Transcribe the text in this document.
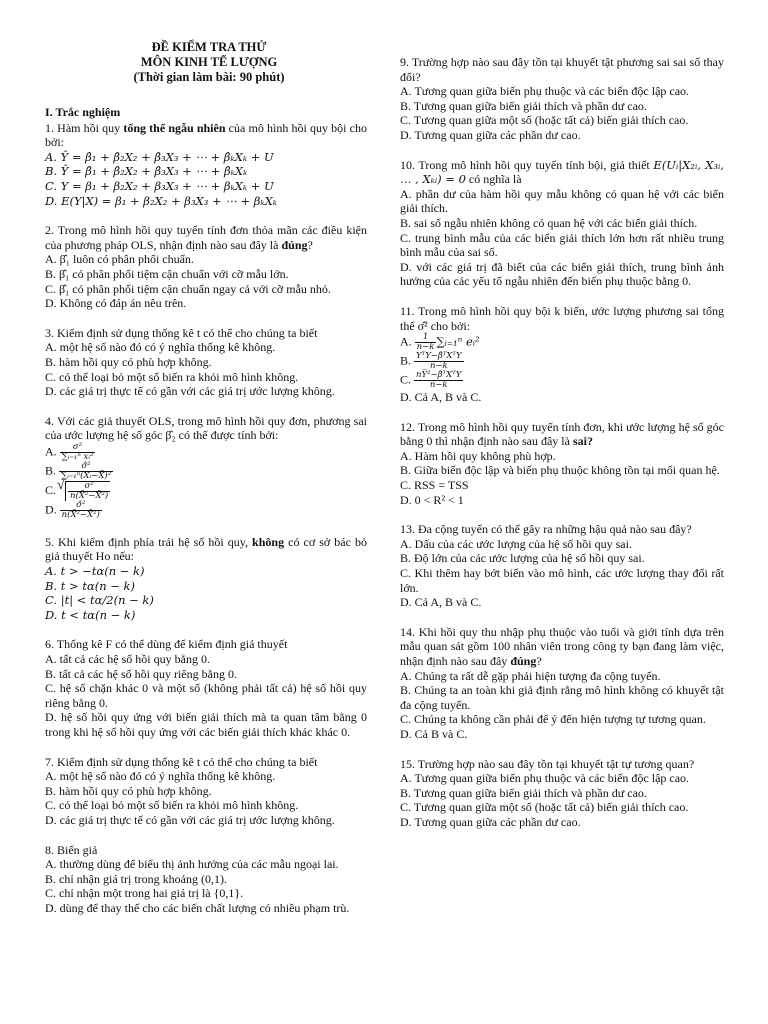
ĐỀ KIỂM TRA THỬ
MÔN KINH TẾ LƯỢNG
(Thời gian làm bài: 90 phút)
I. Trắc nghiệm
1. Hàm hồi quy tổng thể ngẫu nhiên của mô hình hồi quy bội cho bởi:
A. Ŷ = β̂₁ + β̂₂X₂ + β̂₃X₃ + ⋯ + β̂ₖXₖ + U
B. Ŷ = β̂₁ + β̂₂X₂ + β̂₃X₃ + ⋯ + β̂ₖXₖ
C. Y = β₁ + β₂X₂ + β₃X₃ + ⋯ + βₖXₖ + U
D. E(Y|X) = β₁ + β₂X₂ + β₃X₃ + ⋯ + βₖXₖ
2. Trong mô hình hồi quy tuyến tính đơn thỏa mãn các điều kiện của phương pháp OLS, nhận định nào sau đây là đúng?
A. β̂₁ luôn có phân phối chuẩn.
B. β̂₁ có phân phối tiệm cận chuẩn với cỡ mẫu lớn.
C. β̂₁ có phân phối tiệm cận chuẩn ngay cả với cỡ mẫu nhỏ.
D. Không có đáp án nêu trên.
3. Kiểm định sử dụng thống kê t có thể cho chúng ta biết
A. một hệ số nào đó có ý nghĩa thống kê không.
B. hàm hồi quy có phù hợp không.
C. có thể loại bỏ một số biến ra khỏi mô hình không.
D. các giá trị thực tế có gần với các giá trị ước lượng không.
4. Với các giả thuyết OLS, trong mô hình hồi quy đơn, phương sai của ước lượng hệ số góc β̂₂ có thể được tính bởi:
A. $\frac{\text{σ²}}{\text{∑ᵢ₌₁ⁿ xᵢ²}}$
B. $\frac{\text{σ̂²}}{\text{∑ᵢ₌₁ⁿ(Xᵢ−X̄)²}}$
C.
√ $\frac{\text{σ²}}{\text{n(X̄²−X̄²)}}$
D. $\frac{\text{σ̂²}}{\text{n(X̄²−X̄²)}}$
5. Khi kiểm định phía trái hệ số hồi quy, không có cơ sở bác bỏ giả thuyết Ho nếu:
A. t > −tα(n − k)
B. t > tα(n − k)
C. |t| < tα/2(n − k)
D. t < tα(n − k)
6. Thống kê F có thể dùng để kiểm định giả thuyết
A. tất cả các hệ số hồi quy bằng 0.
B. tất cả các hệ số hồi quy riêng bằng 0.
C. hệ số chặn khác 0 và một số (không phải tất cả) hệ số hồi quy riêng bằng 0.
D. hệ số hồi quy ứng với biến giải thích mà ta quan tâm bằng 0 trong khi hệ số hồi quy ứng với các biến giải thích khác khác 0.
7. Kiểm định sử dụng thống kê t có thể cho chúng ta biết
A. một hệ số nào đó có ý nghĩa thống kê không.
B. hàm hồi quy có phù hợp không.
C. có thể loại bỏ một số biến ra khỏi mô hình không.
D. các giá trị thực tế có gần với các giá trị ước lượng không.
8. Biến giả
A. thường dùng để biểu thị ảnh hưởng của các mẫu ngoại lai.
B. chỉ nhận giá trị trong khoảng (0,1).
C. chỉ nhận một trong hai giá trị là {0,1}.
D. dùng để thay thế cho các biến chất lượng có nhiều phạm trù.
9. Trường hợp nào sau đây tồn tại khuyết tật phương sai sai số thay đổi?
A. Tương quan giữa biến phụ thuộc và các biến độc lập cao.
B. Tương quan giữa biến giải thích và phần dư cao.
C. Tương quan giữa một số (hoặc tất cả) biến giải thích cao.
D. Tương quan giữa các phần dư cao.
10. Trong mô hình hồi quy tuyến tính bội, giả thiết E(Uᵢ|X₂ᵢ, X₃ᵢ, … , Xₖᵢ) = 0 có nghĩa là
A. phần dư của hàm hồi quy mẫu không có quan hệ với các biến giải thích.
B. sai số ngẫu nhiên không có quan hệ với các biến giải thích.
C. trung bình mẫu của các biến giải thích lớn hơn rất nhiều trung bình mẫu của sai số.
D. với các giá trị đã biết của các biến giải thích, trung bình ảnh hưởng của các yếu tố ngẫu nhiên đến biến phụ thuộc bằng 0.
11. Trong mô hình hồi quy bội k biến, ước lượng phương sai tổng thể σ̂² cho bởi:
A. $\frac{1}{n-k}$ ∑ᵢ₌₁ⁿ eᵢ²
B. $\frac{\text{YᵀY−β̂ᵀXᵀY}}{n-k}$
C. $\frac{\text{nY̅²−β̂ᵀXᵀY}}{n-k}$
D. Cả A, B và C.
12. Trong mô hình hồi quy tuyến tính đơn, khi ước lượng hệ số góc bằng 0 thì nhận định nào sau đây là sai?
A. Hàm hồi quy không phù hợp.
B. Giữa biến độc lập và biến phụ thuộc không tồn tại mối quan hệ.
C. RSS = TSS
D. 0 < R² < 1
13. Đa cộng tuyến có thể gây ra những hậu quả nào sau đây?
A. Dấu của các ước lượng của hệ số hồi quy sai.
B. Độ lớn của các ước lượng của hệ số hồi quy sai.
C. Khi thêm hay bớt biến vào mô hình, các ước lượng thay đổi rất lớn.
D. Cả A, B và C.
14. Khi hồi quy thu nhập phụ thuộc vào tuổi và giới tính dựa trên mẫu quan sát gồm 100 nhân viên trong công ty bạn đang làm việc, nhận định nào sau đây đúng?
A. Chúng ta rất dễ gặp phải hiện tượng đa cộng tuyến.
B. Chúng ta an toàn khi giả định rằng mô hình không có khuyết tật đa cộng tuyến.
C. Chúng ta không cần phải để ý đến hiện tượng tự tương quan.
D. Cả B và C.
15. Trường hợp nào sau đây tồn tại khuyết tật tự tương quan?
A. Tương quan giữa biến phụ thuộc và các biến độc lập cao.
B. Tương quan giữa biến giải thích và phần dư cao.
C. Tương quan giữa một số (hoặc tất cả) biến giải thích cao.
D. Tương quan giữa các phần dư cao.
